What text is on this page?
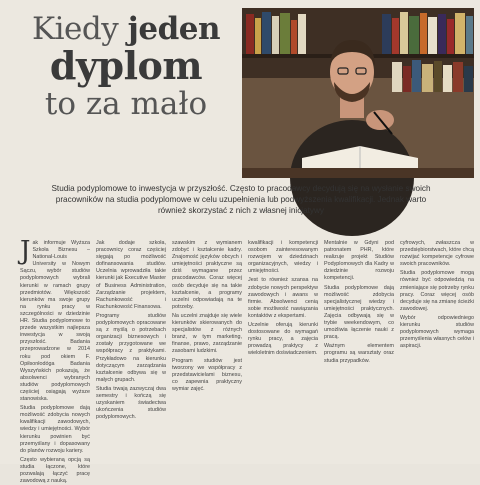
Kiedy jeden
dyplom
to za mało
Studia podyplomowe to inwestycja w przyszłość. Często to pracodawcy decydują się na wysłanie swoich pracowników na studia podyplomowe w celu uzupełnienia lub podwyższenia kwalifikacji. Jednak warto również skorzystać z nich z własnej inicjatywy
J ak informuje Wyższa Szkoła Biznesu – National-Louis University w Nowym Sączu, wybór studiów podyplomowych wybrali kierunki w ramach grupy przedmiotów. Większość kierunków ma swoje grupy na rynku pracy w szczególności w dziedzinie HR. Studia podyplomowe to przede wszystkim najlepsza inwestycja w swoją przyszłość. Badania przeprowadzone w 2014 roku pod okiem F. Opiłsonłodóga Badania Wyszyńskich pokazują, że absolwenci wybranych studiów podyplomowych częściej osiągają wyższe stanowiska.

Studia podyplomowe dają możliwość zdobycia nowych kwalifikacji zawodowych, wiedzy i umiejętności. Wybór kierunku powinien być przemyślany i dopasowany do planów rozwoju kariery.

Często wybieraną opcją są studia łączone, które pozwalają łączyć pracę zawodową z nauką.

Jak dodaje szkoła, pracownicy coraz częściej sięgają po możliwość dofinansowania studiów. Uczelnia wprowadziła takie kierunki jak Executive Master of Business Administration, Zarządzanie projektem, Rachunkowość i Rachunkowość Finansowa.

Programy studiów podyplomowych opracowane są z myślą o potrzebach organizacji biznesowych i zostały przygotowane we współpracy z praktykami. Przykładowo na kierunku dotyczącym zarządzania kształcenie odbywa się w małych grupach.

Studia trwają zazwyczaj dwa semestry i kończą się uzyskaniem świadectwa ukończenia studiów podyplomowych.

szawskim z wymianem zdobyć i kształcenie kadry. Znajomość języków obcych i umiejętności praktyczne są dziś wymagane przez pracodawców. Coraz więcej osób decyduje się na takie kształcenie, a programy uczelni odpowiadają na te potrzeby.

Na uczelni znajduje się wiele kierunków skierowanych do specjalistów z różnych branż, w tym marketing, finanse, prawo, zarządzanie zasobami ludzkimi.

Program studiów jest tworzony we współpracy z przedstawicielami biznesu, co zapewnia praktyczny wymiar zajęć.

kwalifikacji i kompetencji osobom zainteresowanym rozwojem w dziedzinach organizacyjnych, wiedzy i umiejętności.

Jest to również szansa na zdobycie nowych perspektyw zawodowych i awans w firmie. Absolwenci cenią sobie możliwość nawiązania kontaktów z ekspertami.

Uczelnie oferują kierunki dostosowane do wymagań rynku pracy, a zajęcia prowadzą praktycy z wieloletnim doświadczeniem.

Mentalnie w Gdyni pod patronatem PHR, które realizuje projekt Studiów Podyplomowych dla Kadry w dziedzinie rozwoju kompetencji.

Studia podyplomowe dają możliwość zdobycia specjalistycznej wiedzy i umiejętności praktycznych. Zajęcia odbywają się w trybie weekendowym, co umożliwia łączenie nauki z pracą.

Ważnym elementem programu są warsztaty oraz studia przypadków.

cyfrowych, zwłaszcza w przedsiębiorstwach, które chcą rozwijać kompetencje cyfrowe swoich pracowników.

Studia podyplomowe mogą również być odpowiedzią na zmieniające się potrzeby rynku pracy. Coraz więcej osób decyduje się na zmianę ścieżki zawodowej.

Wybór odpowiedniego kierunku studiów podyplomowych wymaga przemyślenia własnych celów i aspiracji.
